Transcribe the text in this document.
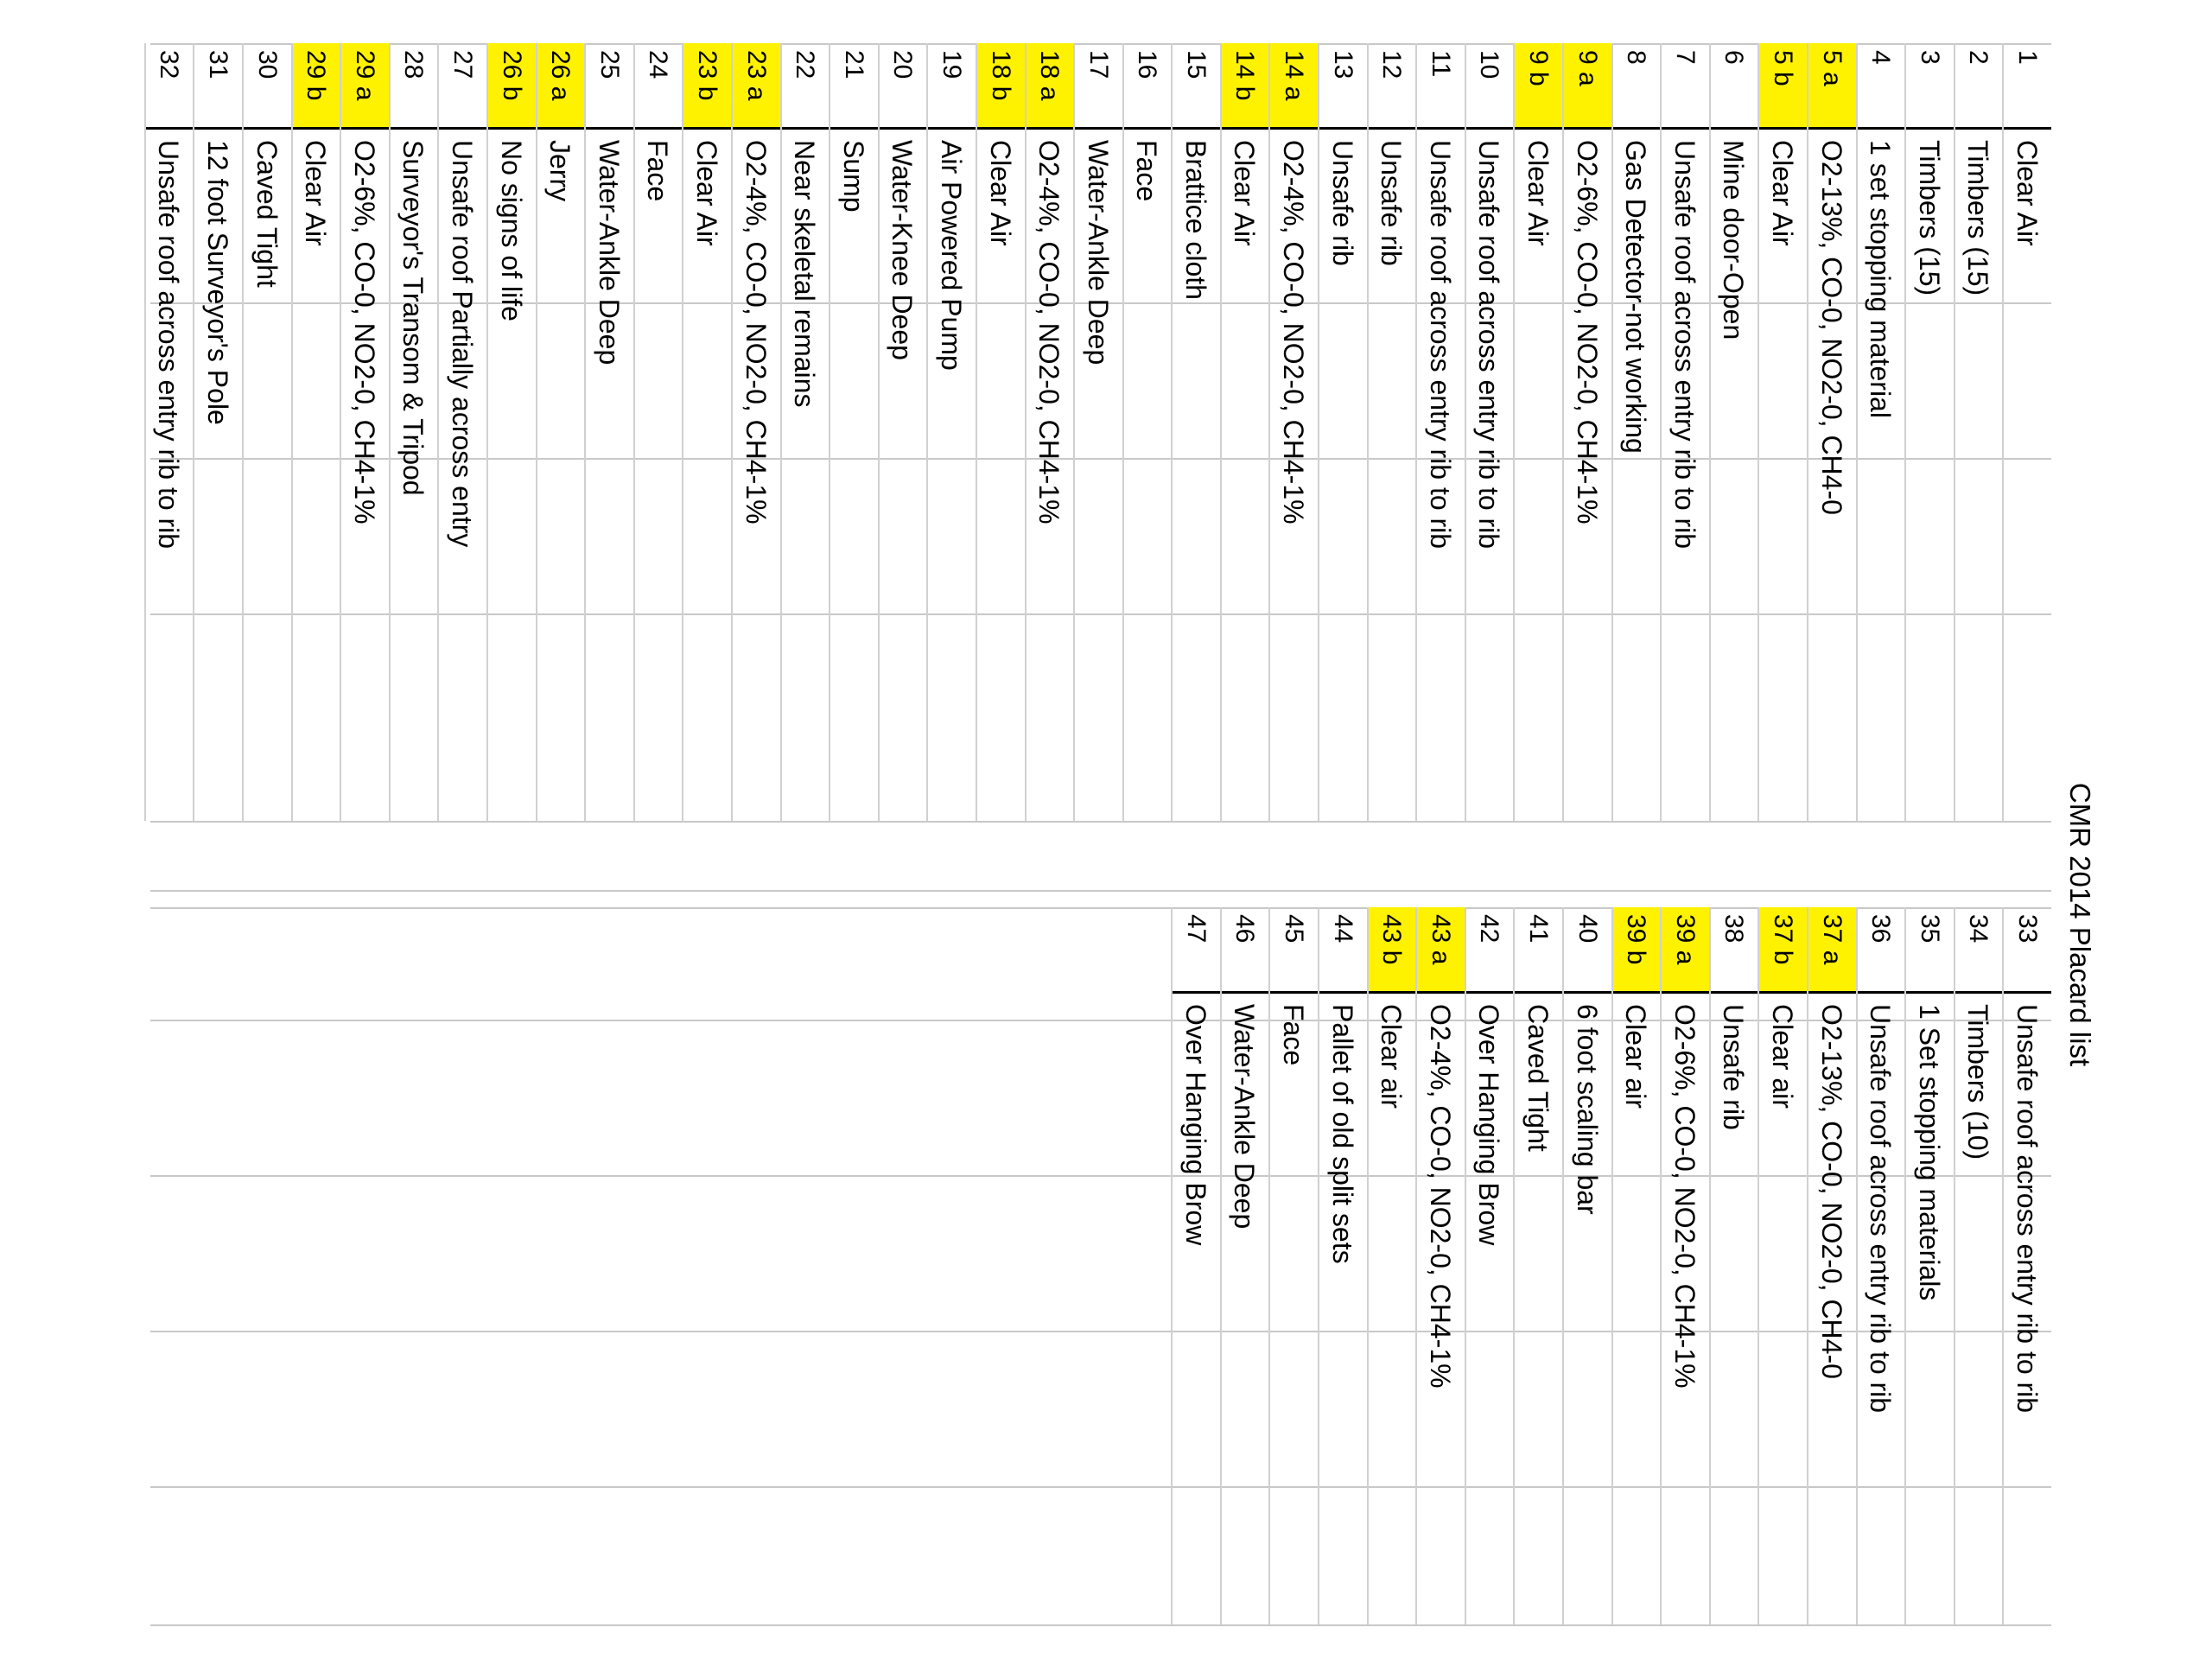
CMR 2014 Placard list
1
Clear Air
2
Timbers (15)
3
Timbers (15)
4
1 set stopping material
5 a
O2-13%, CO-0, NO2-0, CH4-0
5 b
Clear Air
6
Mine door-Open
7
Unsafe roof across entry rib to rib
8
Gas Detector-not working
9 a
O2-6%, CO-0, NO2-0, CH4-1%
9 b
Clear Air
10
Unsafe roof across entry rib to rib
11
Unsafe roof across entry rib to rib
12
Unsafe rib
13
Unsafe rib
14 a
O2-4%, CO-0, NO2-0, CH4-1%
14 b
Clear Air
15
Brattice cloth
16
Face
17
Water-Ankle Deep
18 a
O2-4%, CO-0, NO2-0, CH4-1%
18 b
Clear Air
19
Air Powered Pump
20
Water-Knee Deep
21
Sump
22
Near skeletal remains
23 a
O2-4%, CO-0, NO2-0, CH4-1%
23 b
Clear Air
24
Face
25
Water-Ankle Deep
26 a
Jerry
26 b
No signs of life
27
Unsafe roof Partially across entry
28
Surveyor's Transom & Tripod
29 a
O2-6%, CO-0, NO2-0, CH4-1%
29 b
Clear Air
30
Caved Tight
31
12 foot Surveyor's Pole
32
Unsafe roof across entry rib to rib
33
Unsafe roof across entry rib to rib
34
Timbers (10)
35
1 Set stopping materials
36
Unsafe roof across entry rib to rib
37 a
O2-13%, CO-0, NO2-0, CH4-0
37 b
Clear air
38
Unsafe rib
39 a
O2-6%, CO-0, NO2-0, CH4-1%
39 b
Clear air
40
6 foot scaling bar
41
Caved Tight
42
Over Hanging Brow
43 a
O2-4%, CO-0, NO2-0, CH4-1%
43 b
Clear air
44
Pallet of old split sets
45
Face
46
Water-Ankle Deep
47
Over Hanging Brow
